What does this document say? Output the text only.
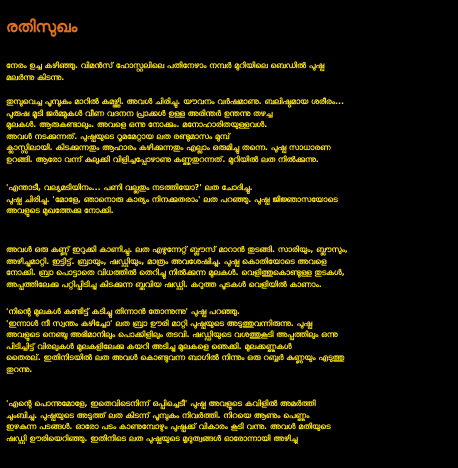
രതിസുഖം
നേരം ഉച്ച കഴിഞ്ഞു. വിമൻസ് ഹോസ്റ്റലിലെ പതിനേഴാം നമ്പർ മുറിയിലെ ബെഡിൽ പുഷ്പ
മലർന്നു കിടന്നു.
തുമ്പുവെച്ച പൂമ്പുകം മാറിൽ കമഴ്ത്തി. അവൾ ചിരിച്ചു. യൗവനം വർഷമാണു. ബലിഷ്ഠമായ ശരീരം...
പുരുഷ മൂടി ജർമ്മുകൾ വീണ വദനന പ്രാക്കൾ ഉള്ള അരിന്തർ ഉന്തന്നു തഴച്ച
മുലകൾ. ആരുകണ്ടാലും. അവളെ ഒന്നു നോക്കും. മനോഹാരിതയുള്ളവൾ.
അവൾ നടക്കുന്നത്. പുഷ്പയുടെ റൂമമേറ്റായ ലത രണ്ടുമാസം മുമ്പ്
ക്ലാസ്സിലായി. കിടക്കുന്നതും ആഹാരം കഴിക്കുന്നതും എല്ലാം ഒരുമിച്ചു തന്നെ. പുഷ്പ സാധാരണ
ഉറങ്ങി. ആരോ വന്ന് കുലുക്കി വിളിച്ചപ്പോഴാണു കണ്ണുതുറന്നത്. മുറിയിൽ ലത നിൽക്കുന്നു.
'എന്താടീ, വല്യമടിയിനം... പണി വല്ലതും നടത്തിയോ?' ലത ചോദിച്ചു.
പുഷ്പ ചിരിച്ചു. 'മോളേ, ഞാനൊരു കാര്യം നിനക്കുതരാം' ലത പറഞ്ഞു. പുഷ്പ ജിജ്ഞാസയോടെ
അവളുടെ മുഖത്തേക്കു നോക്കി.
അവൾ ഒരു കണ്ണ് ഇറുക്കി കാണിച്ചു. ലത എഴുന്നേറ്റ് ബ്ലൗസ് മാറാൻ തുടങ്ങി. സാരിയും, ബ്ലൗസും,
അഴിച്ചുമാറ്റി. ഇട്ടിട്ട്. ബ്രായും, ഷഡ്ഡിയും, മാത്രം അവശേഷിച്ചു. പുഷ്പ കൊതിയോടെ അവളെ
നോക്കി. ബ്രാ പൊട്ടാതെ വിധത്തിൽ തെറിച്ചു നിൽക്കുന്ന മുലകൾ. വെളിത്തുകൊണ്ടുള്ള തുടകൾ,
അപ്പത്തിലേക്കു പറ്റിപ്പിടിച്ചു കിടക്കുന്ന ബ്ലൂവിയ ഷഡ്ഡി. കറുത്ത പൂടകൾ വെളിയിൽ കാണാം.
'നിന്റെ മുലകൾ കണ്ടിട്ട് കടിച്ചു തിന്നാൻ തോന്നുന്നു' പുഷ്പ പറഞ്ഞു.
'ഇന്നാൾ നീ സ്വന്തം കഴിച്ചോ' ലത ബ്രാ ഊരി മാറ്റി പുഷ്പയുടെ അടുത്തുവന്നിരുന്നു. പുഷ്പ
അവളുടെ നെഞ്ചു അഭിമാനിലും പൊക്കിളിലും തടവി. ഷഡ്ഡിയുടെ വശത്തുകൂടി അപ്പത്തിലും ഒന്നു
പിടിച്ചിട്ട് വിരലുകൾ മുലകളിലേക്കു കയറി അടിച്ചു മുലകളെ ഞെക്കി. മുലക്കണ്ണുകൾ
തൈരല്. ഇതിനിടയിൽ ലത അവൾ കൊണ്ടുവന്ന ബാഗിൽ നിന്നും ഒരു റബ്ബർ കുണ്ണയും എടുത്തു
തുറന്നു.
'എന്റെ പൊന്നുമോളേ, ഇതെവിടെനിന്ന് ഒപ്പിച്ചെടീ' പുഷ്പ അവളുടെ കവിളിൽ അമർത്തി
ചുംബിച്ചു. പുഷ്പയുടെ അടുത്ത് ലത കിടന്ന് പൂമ്പുകം നിവർത്തി. നിറയെ ആണും പെണ്ണും
ഇഴകുന്ന പടങ്ങൾ. ഓരോ പടം കാണുമ്പോഴും പുഷ്പക്ക് വികാരം കൂടി വന്നു. അവൾ മതിയുടെ
ഷഡ്ഡി ഊരിയെറിഞ്ഞു. ഇതിനിടെ ലത പുഷ്പയുടെ മൃദുത്വങ്ങൾ ഓരോന്നായി അഴിച്ചു
